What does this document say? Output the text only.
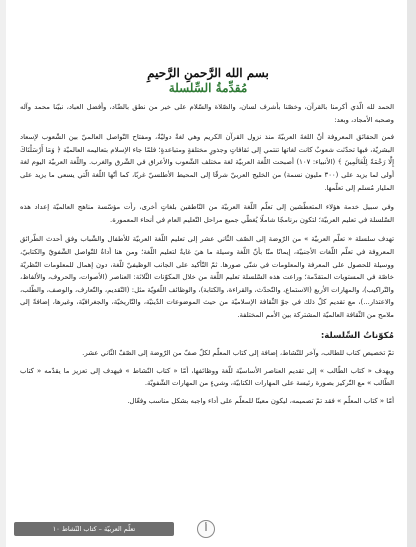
بسم الله الرَّحمنِ الرَّحيمِ
مُقدِّمةُ السِّلسلة

الحمد لله الّذي أكرمنا بالقرآن، وخصّنا بأشرف لسان، والصّلاة والسّلام على خير من نطق بالضّاد، وأفضل العباد، نبيّنا محمد وآله وصحبه الأمجاد، وبعد:

فمن الحقائق المعروفة أنّ اللغةَ العربيّةَ منذ نزول القرآن الكريم وهي لغةٌ دوليّةٌ، ومفتاح التّواصل العالميّ بين الشّعوب لإسعاد البشريّة، فبها تحدّثت شعوبٌ كانت لغاتها تنتمي إلى ثقافاتٍ وجذورٍ مختلفةٍ ومتباعدةٍ؛ فلمّا جاء الإسلام بتعاليمه العالميّة ﴿ وَمَا أَرْسَلْنَاكَ إِلَّا رَحْمَةً لِلْعَالَمِينَ ﴾ (الأنبياء: ١٠٧) أصبحت اللّغة العربيّة لغة مختلف الشّعوب والأعراق في الشّرق والغرب. واللّغة العربيّة اليوم لغة أولى لما يزيد على (٣٠٠ مليون نسمة) من الخليج العربيّ شرقًا إلى المحيط الأطلسيّ غربًا، كما أنّها اللّغة الّتي يسعى ما يزيد على المليار مُسلم إلى تعلّمها.

وفي سبيل خدمة هؤلاء المتعطّشين إلى تعلّم اللّغة العربيّة من النّاطقين بلغاتٍ أخرى، رأت مؤسّسة مناهج العالميّة إعداد هذه السّلسلة في تعليم العربيّة؛ لتكون برنامجًا شاملًا يُغطّي جميع مراحل التّعليم العام في أنحاء المعمورة.

تهدف سلسلة « تعلّم العربيّة » من الرّوضة إلى الصّف الثّاني عشر إلى تعليم اللّغة العربيّة للأطفال والشّباب وفق أحدث الطّرائق المعروفة في تعلّم اللّغات الأجنبيّة، إيمانًا منّا بأنّ اللّغة وسيلة ما هيَ غايةٌ لتعليم اللّغة؛ ومن هنا أداةٌ للتّواصل الشّفويّ والكتابيّ، ووسيلة للحصول على المعرفة والمعلومات في شتّى صورها. ثمّ التّأكيد على الجانب الوظيفيّ للّغة، دون إهمال للمعلومات النّظريّة خاصّة في المستويات المتقدّمة؛ وراعت هذه السّلسلة تعليم اللّغة من خلال المكوّنات الثّلاثة: العناصر (الأصوات، والحروف، والألفاظ، والتّراكيب)، والمهارات الأربع (الاستماع، والتّحدّث، والقراءة، والكتابة)، والوظائف اللّغويّة مثل: (التّقديم، والتّعارف، والوصف، والطّلب، والاعتذار...)، مع تقديم كلّ ذلك في جوّ الثّقافة الإسلاميّة من حيث الموضوعات الدّينيّة، والتّاريخيّة، والجغرافيّة، وغيرها، إضافةً إلى ملامح من الثّقافة العالميّة المشتركة بين الأمم المختلفة.

مُكوّناتُ السِّلسلة:

تمّ تخصيص كتاب للطالب، وآخر للنّشاط، إضافة إلى كتاب المعلّم لكلّ صفّ من الرّوضة إلى الصّفّ الثّاني عشر.

ويهدف « كتاب الطّالب » إلى تقديم العناصر الأساسيّة للّغة ووظائفها، أمّا « كتاب النّشاط » فيهدف إلى تعزيز ما يقدّمه « كتاب الطّالب » مع التّركيز بصورة رئيسة على المهارات الكتابيّة، وشيءٍ من المهارات الشّفويّة.

أمّا « كتاب المعلّم » فقد تمّ تصميمه، ليكون معينًا للمعلّم على أداء واجبه بشكل مناسب وفعّال.

أ
تعلّم العربيّة – كتاب النّشاط ١٠
